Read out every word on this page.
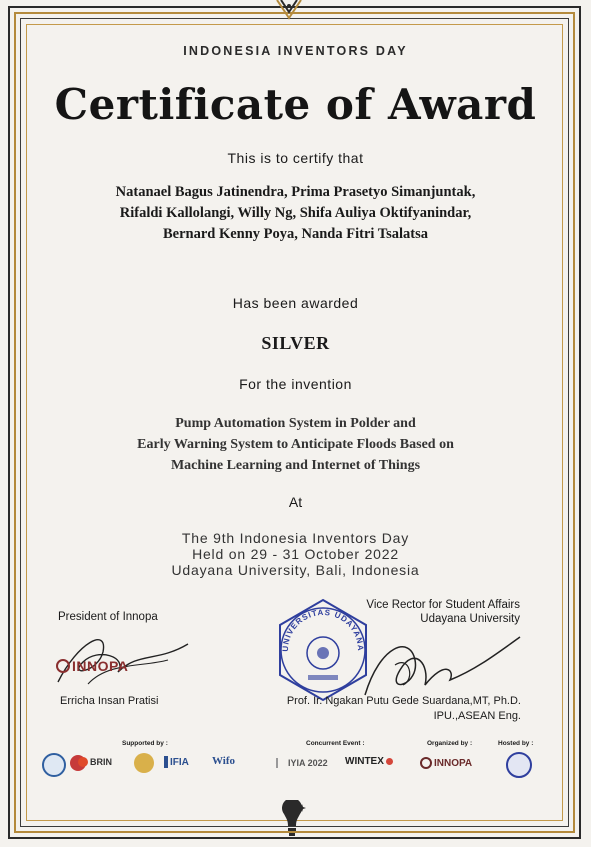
INDONESIA INVENTORS DAY
Certificate of Award
This is to certify that
Natanael Bagus Jatinendra, Prima Prasetyo Simanjuntak,
Rifaldi Kallolangi, Willy Ng, Shifa Auliya Oktifyanindar,
Bernard Kenny Poya, Nanda Fitri Tsalatsa
Has been awarded
SILVER
For the invention
Pump Automation System in Polder and
Early Warning System to Anticipate Floods Based on
Machine Learning and Internet of Things
At
The 9th Indonesia Inventors Day
Held on 29 - 31 October 2022
Udayana University, Bali, Indonesia
President of Innopa
INNOPA
Erricha Insan Pratisi
Vice Rector for Student Affairs
Udayana University
UNIVERSITAS UDAYANA
Prof. Ir. Ngakan Putu Gede Suardana,MT, Ph.D.
IPU.,ASEAN Eng.
Supported by :	Concurrent Event :	Organized by :	Hosted by :
BRIN	IFIA Wifo	IYIA 2022 WINTEX	INNOPA
